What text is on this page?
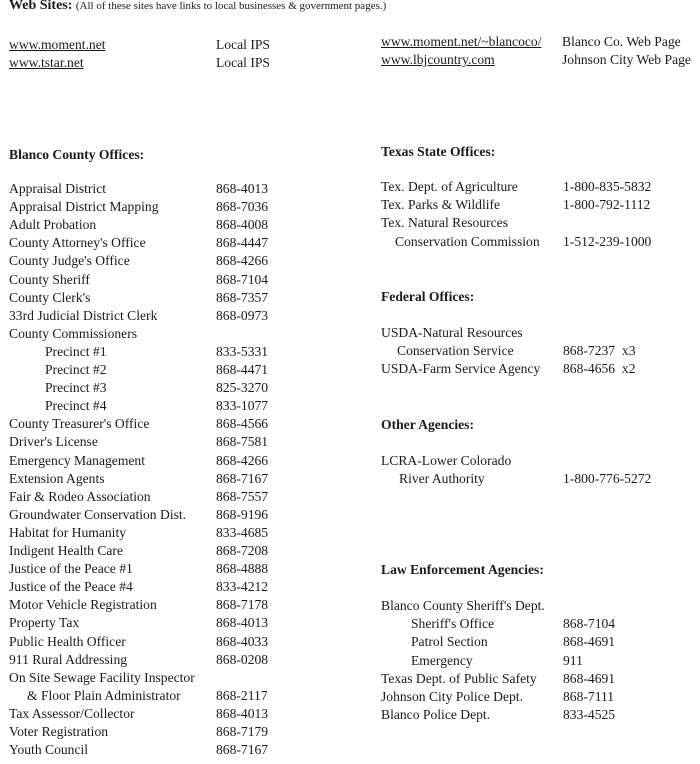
Web Sites: (All of these sites have links to local businesses & government pages.)
www.moment.net	Local IPS
www.tstar.net	Local IPS
www.moment.net/~blancoco/ Blanco Co. Web Page
www.lbjcountry.com	Johnson City Web Page
Blanco County Offices:	Texas State Offices:
Federal Offices:
Other Agencies:
Law Enforcement Agencies:
Appraisal District	868-4013
Appraisal District Mapping	868-7036
Adult Probation	868-4008
County Attorney's Office	868-4447
County Judge's Office	868-4266
County Sheriff	868-7104
County Clerk's	868-7357
33rd Judicial District Clerk	868-0973
County Commissioners
Precinct #1	833-5331
Precinct #2	868-4471
Precinct #3	825-3270
Precinct #4	833-1077
County Treasurer's Office	868-4566
Driver's License	868-7581
Emergency Management	868-4266
Extension Agents	868-7167
Fair & Rodeo Association	868-7557
Groundwater Conservation Dist. 868-9196
Habitat for Humanity	833-4685
Indigent Health Care	868-7208
Justice of the Peace #1	868-4888
Justice of the Peace #4	833-4212
Motor Vehicle Registration	868-7178
Property Tax	868-4013
Public Health Officer	868-4033
911 Rural Addressing	868-0208
On Site Sewage Facility Inspector
& Floor Plain Administrator	868-2117
Tax Assessor/Collector	868-4013
Voter Registration	868-7179
Youth Council	868-7167
Tex. Dept. of Agriculture	1-800-835-5832
Tex. Parks & Wildlife	1-800-792-1112
Tex. Natural Resources
Conservation Commission 1-512-239-1000
USDA-Natural Resources
Conservation Service	868-7237  x3
USDA-Farm Service Agency 868-4656  x2
LCRA-Lower Colorado
River Authority	1-800-776-5272
Blanco County Sheriff's Dept.
Sheriff's Office	868-7104
Patrol Section	868-4691
Emergency	911
Texas Dept. of Public Safety 868-4691
Johnson City Police Dept.	868-7111
Blanco Police Dept.	833-4525
